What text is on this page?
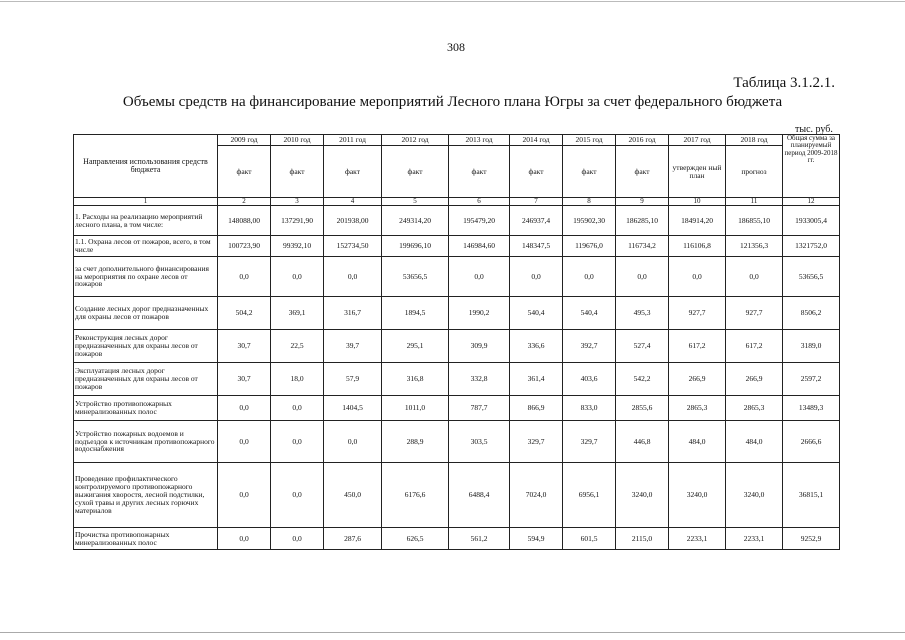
308
Таблица 3.1.2.1.
Объемы средств на финансирование мероприятий Лесного плана Югры за счет федерального бюджета
тыс. руб.
Направления использования средств бюджета	2009 год	2010 год	2011 год	2012 год	2013 год	2014 год	2015 год	2016 год	2017 год	2018 год	Общая сумма за планируемый период 2009-2018 гг.
	факт	факт	факт	факт	факт	факт	факт	факт	утвержден ный план	прогноз	
1	2	3	4	5	6	7	8	9	10	11	12
1. Расходы на реализацию мероприятий лесного плана, в том числе:	148088,00	137291,90	201938,00	249314,20	195479,20	246937,4	195902,30	186285,10	184914,20	186855,10	1933005,4
1.1. Охрана лесов от пожаров, всего, в том числе	100723,90	99392,10	152734,50	199696,10	146984,60	148347,5	119676,0	116734,2	116106,8	121356,3	1321752,0
за счет дополнительного финансирования на мероприятия по охране лесов от пожаров	0,0	0,0	0,0	53656,5	0,0	0,0	0,0	0,0	0,0	0,0	53656,5
Создание лесных дорог предназначенных для охраны лесов от пожаров	504,2	369,1	316,7	1894,5	1990,2	540,4	540,4	495,3	927,7	927,7	8506,2
Реконструкция лесных дорог предназначенных для охраны лесов от пожаров	30,7	22,5	39,7	295,1	309,9	336,6	392,7	527,4	617,2	617,2	3189,0
Эксплуатация лесных дорог предназначенных для охраны лесов от пожаров	30,7	18,0	57,9	316,8	332,8	361,4	403,6	542,2	266,9	266,9	2597,2
Устройство противопожарных минерализованных полос	0,0	0,0	1404,5	1011,0	787,7	866,9	833,0	2855,6	2865,3	2865,3	13489,3
Устройство пожарных водоемов и подъездов к источникам противопожарного водоснабжения	0,0	0,0	0,0	288,9	303,5	329,7	329,7	446,8	484,0	484,0	2666,6
Проведение профилактического контролируемого противопожарного выжигания хворостя, лесной подстилки, сухой травы и других лесных горючих материалов	0,0	0,0	450,0	6176,6	6488,4	7024,0	6956,1	3240,0	3240,0	3240,0	36815,1
Прочистка противопожарных минерализованных полос	0,0	0,0	287,6	626,5	561,2	594,9	601,5	2115,0	2233,1	2233,1	9252,9
